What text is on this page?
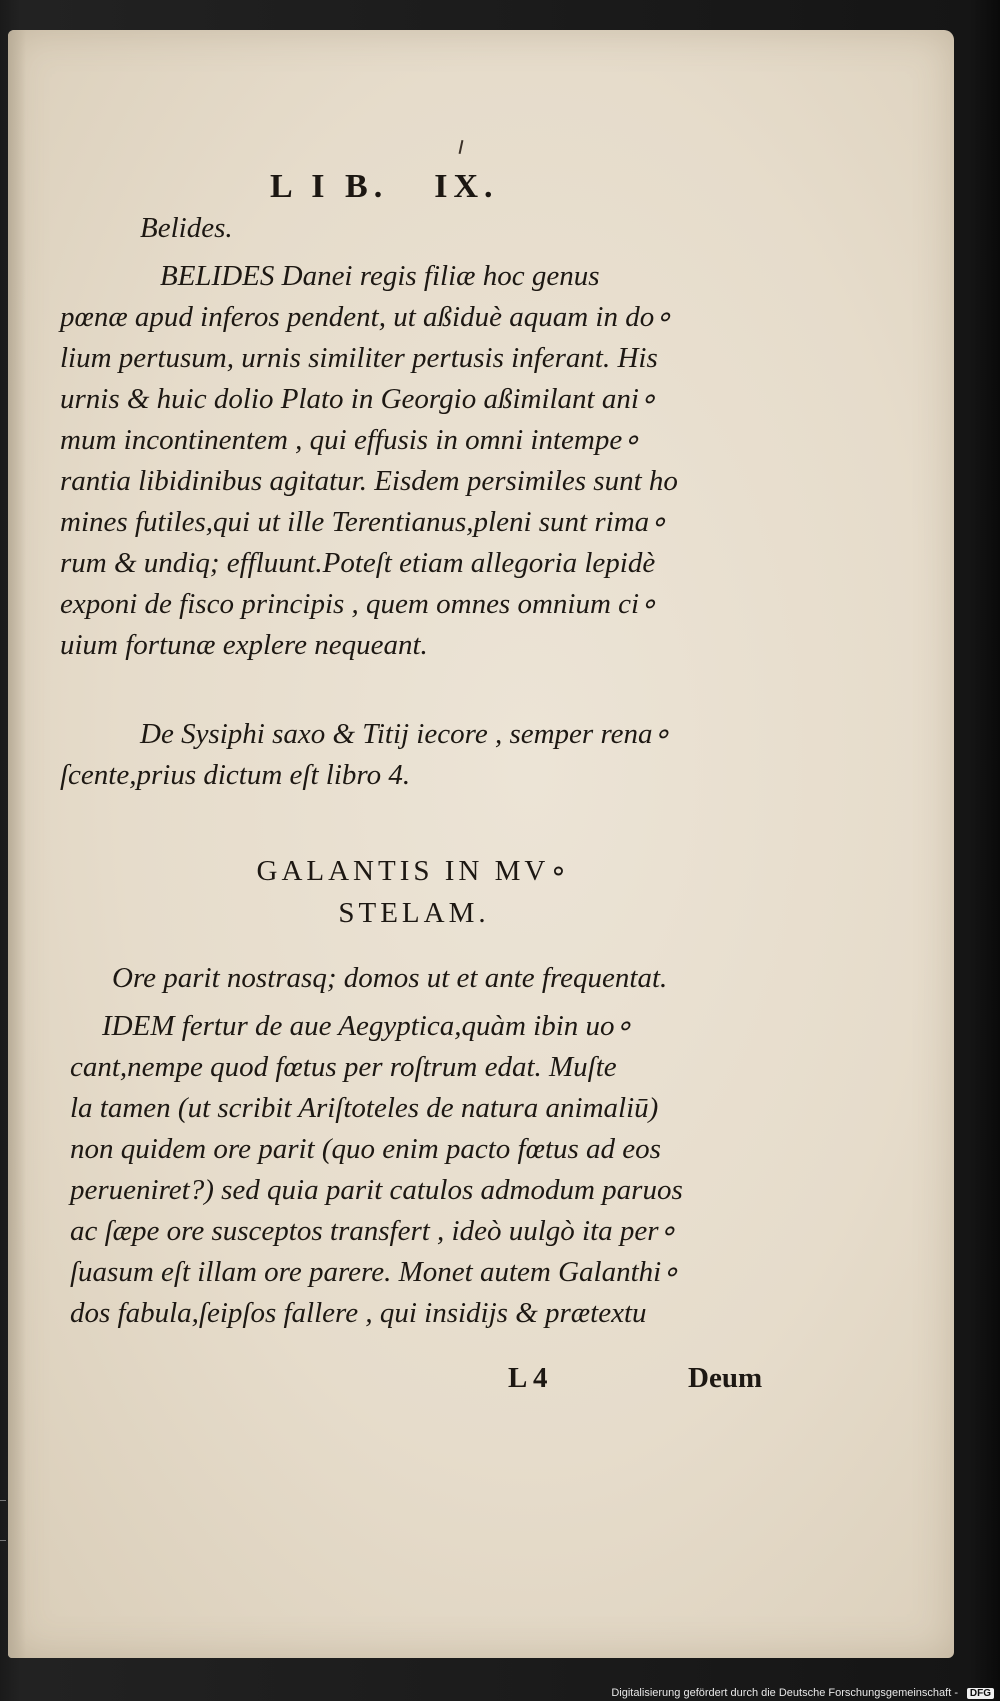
L I B. IX.
Belides.
BELIDES Danei regis filiæ hoc genus
pœnæ apud inferos pendent, ut aßiduè aquam in do∘
lium pertusum, urnis similiter pertusis inferant. His
urnis & huic dolio Plato in Georgio aßimilant ani∘
mum incontinentem , qui effusis in omni intempe∘
rantia libidinibus agitatur. Eisdem persimiles sunt ho
mines futiles,qui ut ille Terentianus,pleni sunt rima∘
rum & undiq; effluunt.Poteſt etiam allegoria lepidè
exponi de fisco principis , quem omnes omnium ci∘
uium fortunæ explere nequeant.
De Sysiphi saxo & Titij iecore , semper rena∘
ſcente,prius dictum eſt libro 4.
GALANTIS IN MV∘
STELAM.
Ore parit nostrasq; domos ut et ante frequentat.
IDEM fertur de aue Aegyptica,quàm ibin uo∘
cant,nempe quod fœtus per roſtrum edat. Muſte
la tamen (ut scribit Ariſtoteles de natura animaliū)
non quidem ore parit (quo enim pacto fœtus ad eos
perueniret?) sed quia parit catulos admodum paruos
ac ſæpe ore susceptos transfert , ideò uulgò ita per∘
ſuasum eſt illam ore parere. Monet autem Galanthi∘
dos fabula,ſeipſos fallere , qui insidijs & prætextu
L 4	Deum
Digitalisierung gefördert durch die Deutsche Forschungsgemeinschaft -	DFG
